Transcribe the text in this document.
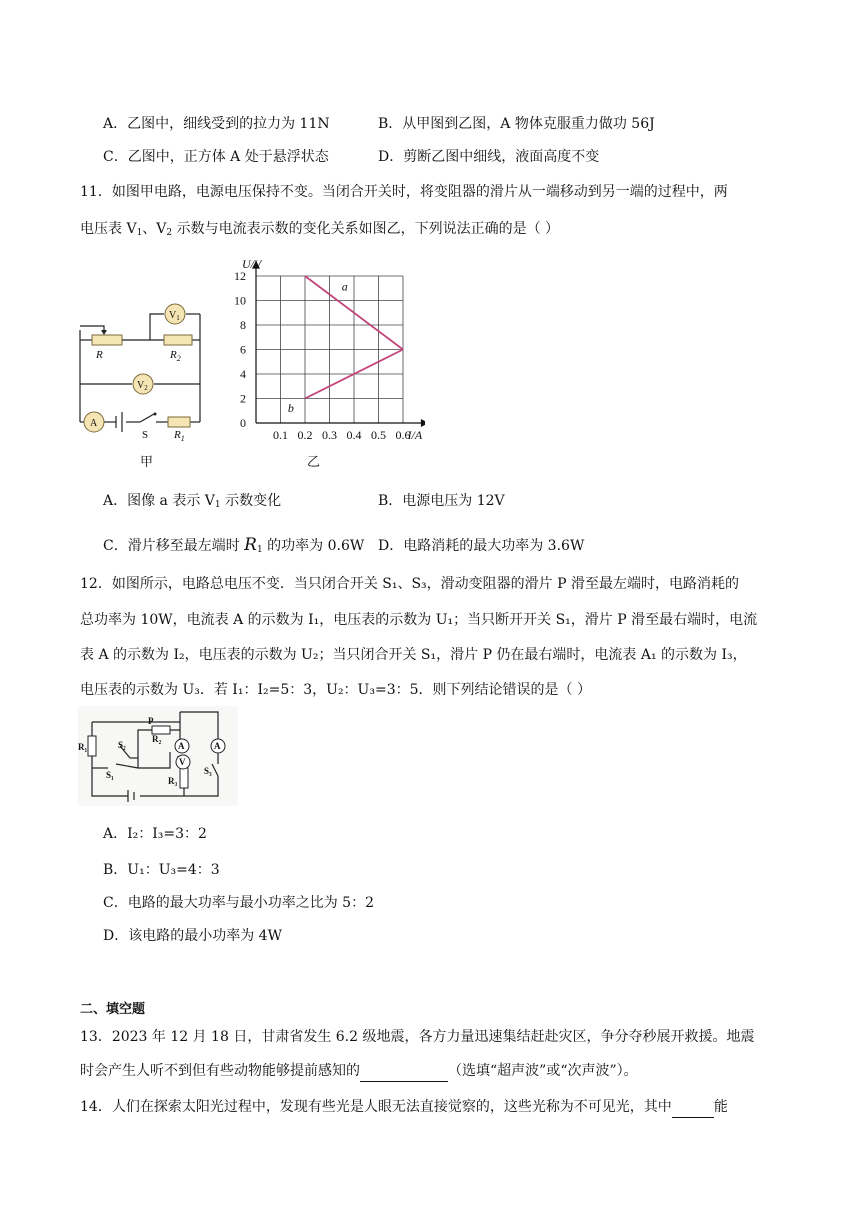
A．乙图中，细线受到的拉力为 11N	B．从甲图到乙图，A 物体克服重力做功 56J
C．乙图中，正方体 A 处于悬浮状态	D．剪断乙图中细线，液面高度不变
11．如图甲电路，电源电压保持不变。当闭合开关时，将变阻器的滑片从一端移动到另一端的过程中，两
电压表 $V_1$、$V_2$ 示数与电流表示数的变化关系如图乙，下列说法正确的是（ ）
R	$R_2$
$R_1$
$V_1$
$V_2$
A
S
甲
0.1 0.2 0.3 0.4 0.5 0.6
0
2
4
6
8
10
12
U/V
I/A
a
b
乙
A．图像 a 表示 $V_1$ 示数变化	B．电源电压为 12V
C．滑片移至最左端时 $R_1$ 的功率为 0.6W D．电路消耗的最大功率为 3.6W
12．如图所示，电路总电压不变．当只闭合开关 S₁、S₃，滑动变阻器的滑片 P 滑至最左端时，电路消耗的
总功率为 10W，电流表 A 的示数为 I₁，电压表的示数为 U₁；当只断开开关 S₁，滑片 P 滑至最右端时，电流
表 A 的示数为 I₂，电压表的示数为 U₂；当只闭合开关 S₁，滑片 P 仍在最右端时，电流表 A₁ 的示数为 I₃，
电压表的示数为 U₃．若 I₁：I₂=5：3，U₂：U₃=3：5．则下列结论错误的是（ ）
R₁	S₂
P
R₂
A	A
S₁
V
R₃
S₃
A．I₂：I₃=3：2
B．U₁：U₃=4：3
C．电路的最大功率与最小功率之比为 5：2
D．该电路的最小功率为 4W
二、填空题
13．2023 年 12 月 18 日，甘肃省发生 6.2 级地震，各方力量迅速集结赶赴灾区，争分夺秒展开救援。地震
时会产生人听不到但有些动物能够提前感知的	（选填“超声波”或“次声波”）。
14．人们在探索太阳光过程中，发现有些光是人眼无法直接觉察的，这些光称为不可见光，其中	能
